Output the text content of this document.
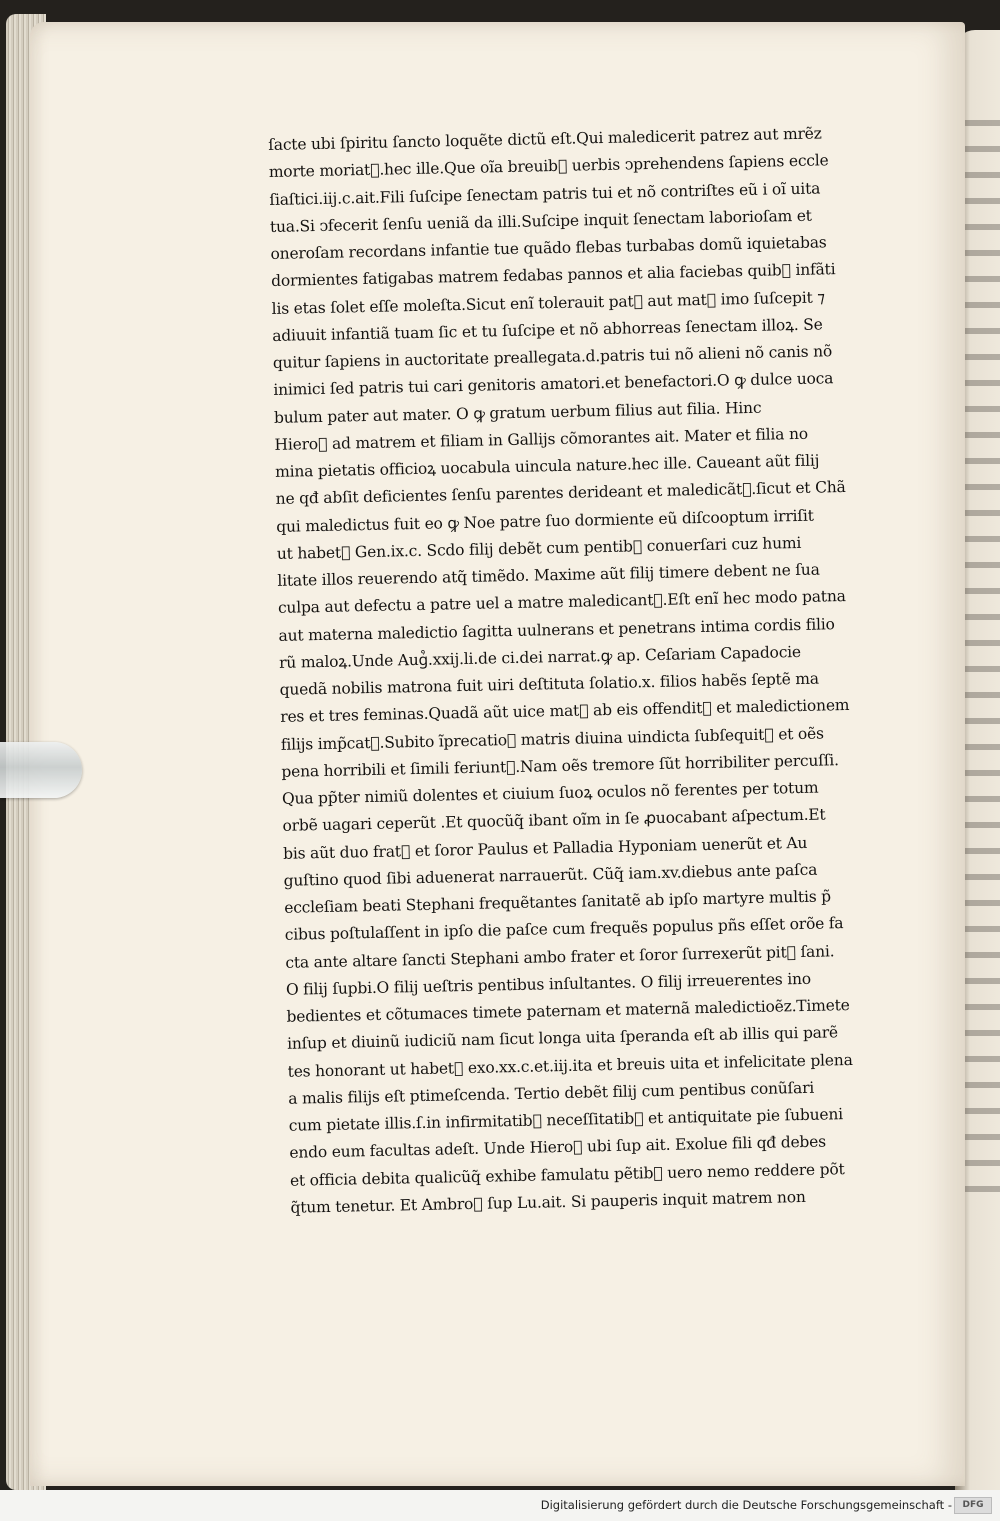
ſacte ubi ſpiritu ſancto loquẽte dictũ eſt.Qui maledicerit patrez aut mrẽz
morte moriat᷑.hec ille.Que oĩa breuib᷒ uerbis ↄprehendens ſapiens eccle
ſiaſtici.iij.c.ait.Fili ſuſcipe ſenectam patris tui et nõ contriſtes eũ i oĩ uita
tua.Si ↄfecerit ſenſu ueniã da illi.Suſcipe inquit ſenectam laborioſam et
oneroſam recordans infantie tue quãdo flebas turbabas domũ iquietabas
dormientes fatigabas matrem fedabas pannos et alia faciebas quib᷒ infãti
lis etas ſolet eſſe moleſta.Sicut enĩ tolerauit pat᷑ aut mat᷑ imo ſuſcepit ⁊
adiuuit infantiã tuam ſic et tu ſuſcipe et nõ abhorreas ſenectam illoꝝ. Se
quitur ſapiens in auctoritate preallegata.d.patris tui nõ alieni nõ canis nõ
inimici ſed patris tui cari genitoris amatori.et benefactori.O ꝙ dulce uoca
bulum pater aut mater. O ꝙ gratum uerbum filius aut filia. Hinc
Hiero᷒ ad matrem et filiam in Gallijs cõmorantes ait. Mater et filia no
mina pietatis officioꝝ uocabula uincula nature.hec ille. Caueant aũt filij
ne qđ abſit deficientes ſenſu parentes derideant et maledicãt᷑.ſicut et Chã
qui maledictus fuit eo ꝙ Noe patre ſuo dormiente eũ diſcooptum irriſit
ut habet᷑ Gen.ix.c. Scdo filij debẽt cum pentib᷒ conuerſari cuz humi
litate illos reuerendo atq̃ timẽdo. Maxime aũt filij timere debent ne ſua
culpa aut defectu a patre uel a matre maledicant᷑.Eſt enĩ hec modo patna
aut materna maledictio ſagitta uulnerans et penetrans intima cordis filio
rũ maloꝝ.Unde Aug᷒.xxij.li.de ci.dei narrat.ꝙ ap. Ceſariam Capadocie
quedã nobilis matrona fuit uiri deſtituta ſolatio.x. filios habẽs ſeptẽ ma
res et tres feminas.Quadã aũt uice mat᷑ ab eis offendit᷑ et maledictionem
filijs imp̃cat᷑.Subito ĩprecatioꝫ matris diuina uindicta ſubſequit᷑ et oẽs
pena horribili et ſimili feriunt᷑.Nam oẽs tremore ſũt horribiliter percuſſi.
Qua pp̃ter nimiũ dolentes et ciuium ſuoꝝ oculos nõ ferentes per totum
orbẽ uagari ceperũt .Et quocũq̃ ibant oĩm in ſe ꝓuocabant aſpectum.Et
bis aũt duo frat᷑ et ſoror Paulus et Palladia Hyponiam uenerũt et Au
guſtino quod ſibi aduenerat narrauerũt. Cũq̃ iam.xv.diebus ante paſca
eccleſiam beati Stephani frequẽtantes ſanitatẽ ab ipſo martyre multis p̃
cibus poſtulaſſent in ipſo die paſce cum frequẽs populus pñs eſſet orõe fa
cta ante altare ſancti Stephani ambo frater et ſoror ſurrexerũt pit᷑ ſani.
O filij ſupbi.O filij ueſtris pentibus inſultantes. O filij irreuerentes ino
bedientes et cõtumaces timete paternam et maternã maledictioẽz.Timete
inſup et diuinũ iudiciũ nam ſicut longa uita ſperanda eſt ab illis qui parẽ
tes honorant ut habet᷑ exo.xx.c.et.iij.ita et breuis uita et infelicitate plena
a malis filijs eſt ptimeſcenda. Tertio debẽt filij cum pentibus conũſari
cum pietate illis.ſ.in infirmitatib᷒ neceſſitatib᷒ et antiquitate pie ſubueni
endo eum facultas adeſt. Unde Hiero᷒ ubi ſup ait. Exolue fili qđ debes
et officia debita qualicũq̃ exhibe famulatu pẽtib᷒ uero nemo reddere põt
q̃tum tenetur. Et Ambro᷒ ſup Lu.ait. Si pauperis inquit matrem non
Digitalisierung gefördert durch die Deutsche Forschungsgemeinschaft -	DFG
